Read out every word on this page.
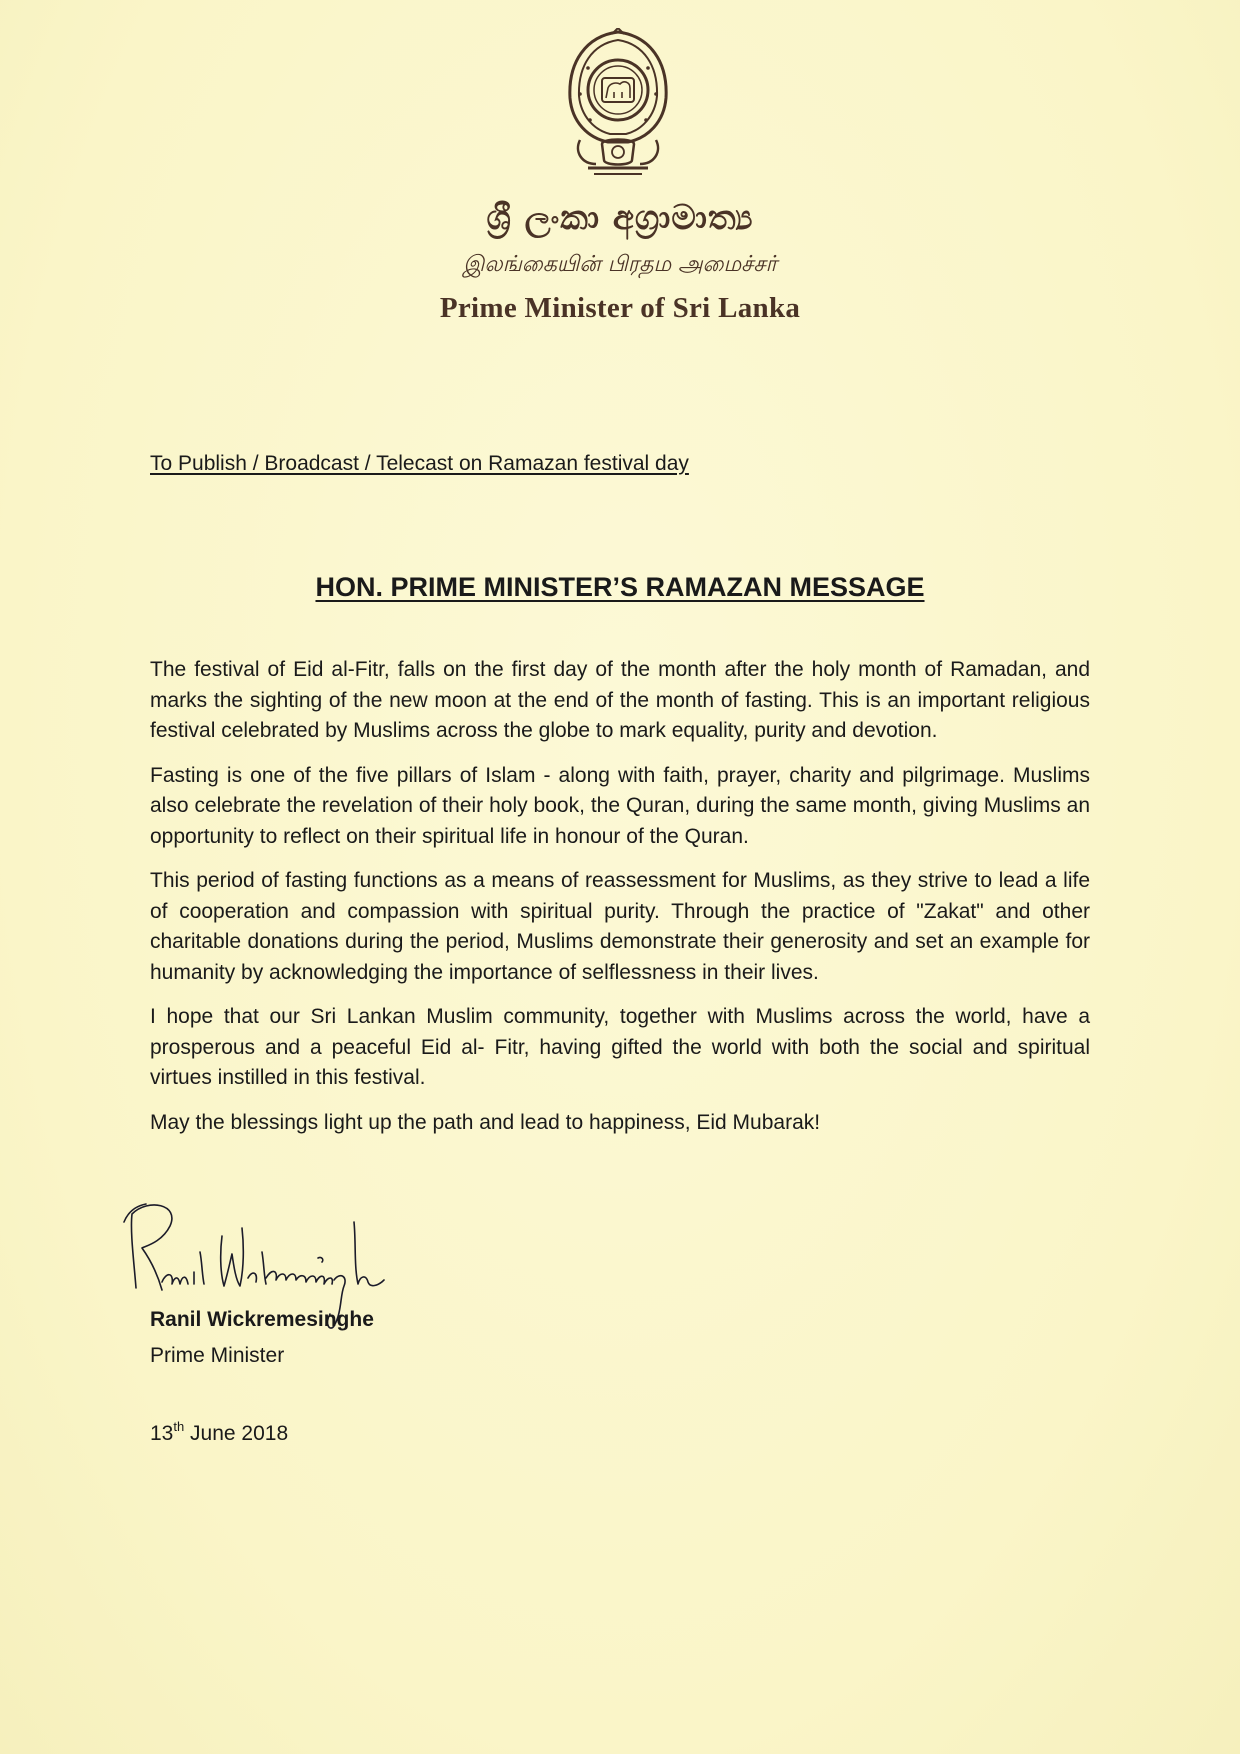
ශ්‍රී ලංකා අග්‍රාමාත්‍ය
இலங்கையின் பிரதம அமைச்சர்
Prime Minister of Sri Lanka
To Publish / Broadcast / Telecast on Ramazan festival day
HON. PRIME MINISTER’S RAMAZAN MESSAGE

The festival of Eid al-Fitr, falls on the first day of the month after the holy month of Ramadan, and marks the sighting of the new moon at the end of the month of fasting. This is an important religious festival celebrated by Muslims across the globe to mark equality, purity and devotion.

Fasting is one of the five pillars of Islam - along with faith, prayer, charity and pilgrimage. Muslims also celebrate the revelation of their holy book, the Quran, during the same month, giving Muslims an opportunity to reflect on their spiritual life in honour of the Quran.

This period of fasting functions as a means of reassessment for Muslims, as they strive to lead a life of cooperation and compassion with spiritual purity. Through the practice of "Zakat" and other charitable donations during the period, Muslims demonstrate their generosity and set an example for humanity by acknowledging the importance of selflessness in their lives.

I hope that our Sri Lankan Muslim community, together with Muslims across the world, have a prosperous and a peaceful Eid al- Fitr, having gifted the world with both the social and spiritual virtues instilled in this festival.

May the blessings light up the path and lead to happiness, Eid Mubarak!

Ranil Wickremesinghe
Prime Minister
13th June 2018
